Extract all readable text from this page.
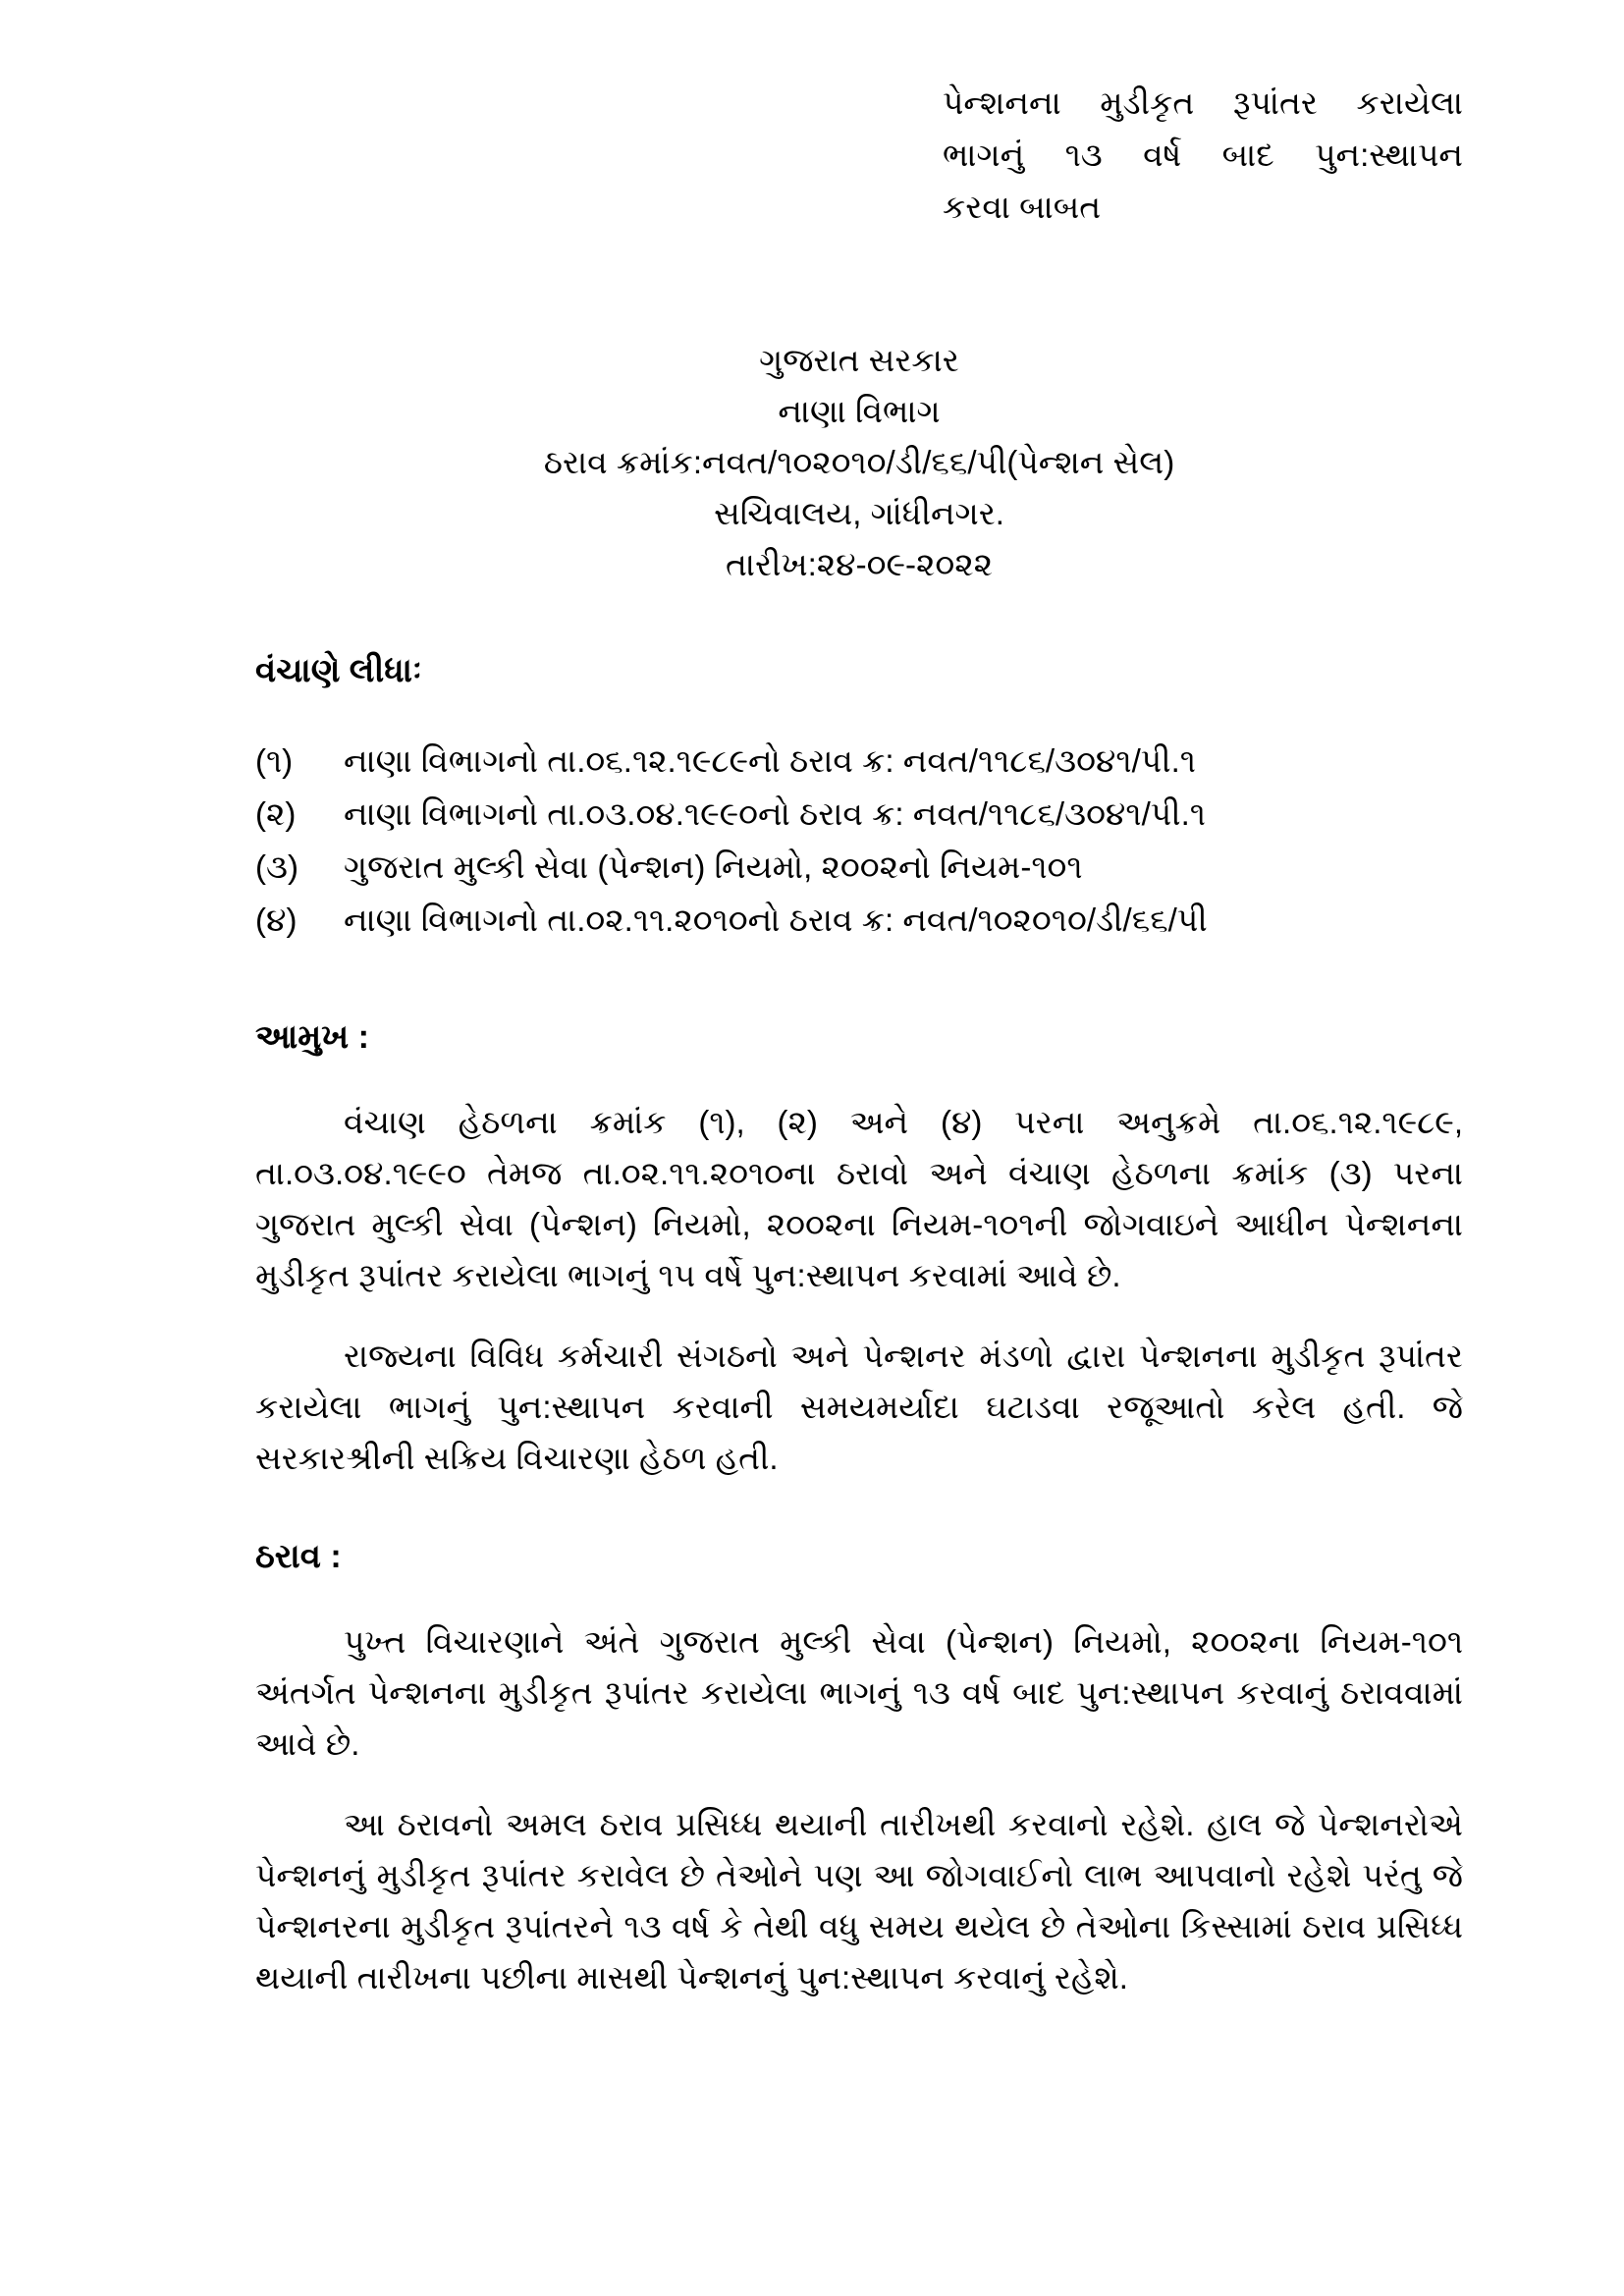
પેન્શનના મુડીકૃત રૂપાંતર કરાયેલા
ભાગનું ૧૩ વર્ષ બાદ પુન:સ્થાપન
કરવા બાબત
ગુજરાત સરકાર
નાણા વિભાગ
ઠરાવ ક્રમાંક:નવત/૧૦૨૦૧૦/ડી/૬૬/પી(પેન્શન સેલ)
સચિવાલય, ગાંધીનગર.
તારીખ:૨૪-૦૯-૨૦૨૨
વંચાણે લીધાઃ
(૧)	નાણા વિભાગનો તા.૦૬.૧૨.૧૯૮૯નો ઠરાવ ક્ર: નવત/૧૧૮૬/૩૦૪૧/પી.૧
(૨)	નાણા વિભાગનો તા.૦૩.૦૪.૧૯૯૦નો ઠરાવ ક્ર: નવત/૧૧૮૬/૩૦૪૧/પી.૧
(૩)	ગુજરાત મુલ્કી સેવા (પેન્શન) નિયમો, ૨૦૦૨નો નિયમ-૧૦૧
(૪)	નાણા વિભાગનો તા.૦૨.૧૧.૨૦૧૦નો ઠરાવ ક્ર: નવત/૧૦૨૦૧૦/ડી/૬૬/પી
આમુખ :

વંચાણ હેઠળના ક્રમાંક (૧), (૨) અને (૪) પરના અનુક્રમે તા.૦૬.૧૨.૧૯૮૯, તા.૦૩.૦૪.૧૯૯૦ તેમજ તા.૦૨.૧૧.૨૦૧૦ના ઠરાવો અને વંચાણ હેઠળના ક્રમાંક (૩) પરના ગુજરાત મુલ્કી સેવા (પેન્શન) નિયમો, ૨૦૦૨ના નિયમ-૧૦૧ની જોગવાઇને આધીન પેન્શનના મુડીકૃત રૂપાંતર કરાયેલા ભાગનું ૧૫ વર્ષે પુન:સ્થાપન કરવામાં આવે છે.

રાજ્યના વિવિધ કર્મચારી સંગઠનો અને પેન્શનર મંડળો દ્વારા પેન્શનના મુડીકૃત રૂપાંતર કરાયેલા ભાગનું પુન:સ્થાપન કરવાની સમયમર્યાદા ઘટાડવા રજૂઆતો કરેલ હતી. જે સરકારશ્રીની સક્રિય વિચારણા હેઠળ હતી.

ઠરાવ :

પુખ્ત વિચારણાને અંતે ગુજરાત મુલ્કી સેવા (પેન્શન) નિયમો, ૨૦૦૨ના નિયમ-૧૦૧ અંતર્ગત પેન્શનના મુડીકૃત રૂપાંતર કરાયેલા ભાગનું ૧૩ વર્ષ બાદ પુન:સ્થાપન કરવાનું ઠરાવવામાં આવે છે.

આ ઠરાવનો અમલ ઠરાવ પ્રસિધ્ધ થયાની તારીખથી કરવાનો રહેશે. હાલ જે પેન્શનરોએ પેન્શનનું મુડીકૃત રૂપાંતર કરાવેલ છે તેઓને પણ આ જોગવાઈનો લાભ આપવાનો રહેશે પરંતુ જે પેન્શનરના મુડીકૃત રૂપાંતરને ૧૩ વર્ષ કે તેથી વધુ સમય થયેલ છે તેઓના કિસ્સામાં ઠરાવ પ્રસિધ્ધ થયાની તારીખના પછીના માસથી પેન્શનનું પુન:સ્થાપન કરવાનું રહેશે.
